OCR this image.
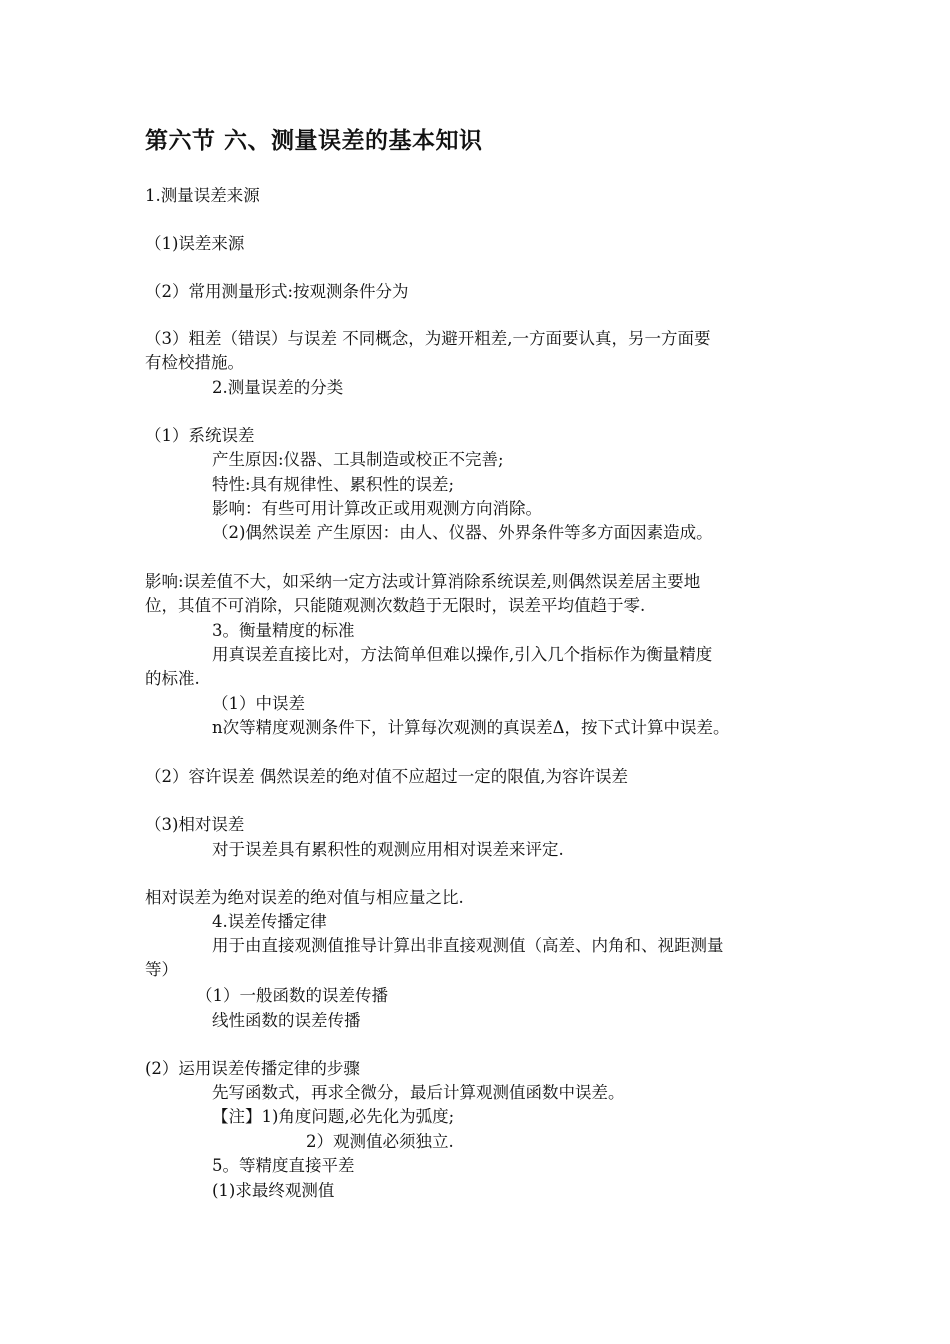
第六节 六、测量误差的基本知识
1.测量误差来源
（1)误差来源
（2）常用测量形式:按观测条件分为
（3）粗差（错误）与误差 不同概念，为避开粗差,一方面要认真，另一方面要
有检校措施。
2.测量误差的分类
（1）系统误差
产生原因:仪器、工具制造或校正不完善;
特性:具有规律性、累积性的误差;
影响：有些可用计算改正或用观测方向消除。
（2)偶然误差 产生原因：由人、仪器、外界条件等多方面因素造成。
影响:误差值不大，如采纳一定方法或计算消除系统误差,则偶然误差居主要地
位，其值不可消除，只能随观测次数趋于无限时，误差平均值趋于零.
3。衡量精度的标准
用真误差直接比对，方法简单但难以操作,引入几个指标作为衡量精度
的标准.
（1）中误差
n次等精度观测条件下，计算每次观测的真误差Δ，按下式计算中误差。
（2）容许误差 偶然误差的绝对值不应超过一定的限值,为容许误差
（3)相对误差
对于误差具有累积性的观测应用相对误差来评定.
相对误差为绝对误差的绝对值与相应量之比.
4.误差传播定律
用于由直接观测值推导计算出非直接观测值（高差、内角和、视距测量
等）
（1）一般函数的误差传播
线性函数的误差传播
(2）运用误差传播定律的步骤
先写函数式，再求全微分，最后计算观测值函数中误差。
【注】1)角度问题,必先化为弧度;
2）观测值必须独立.
5。等精度直接平差
(1)求最终观测值
